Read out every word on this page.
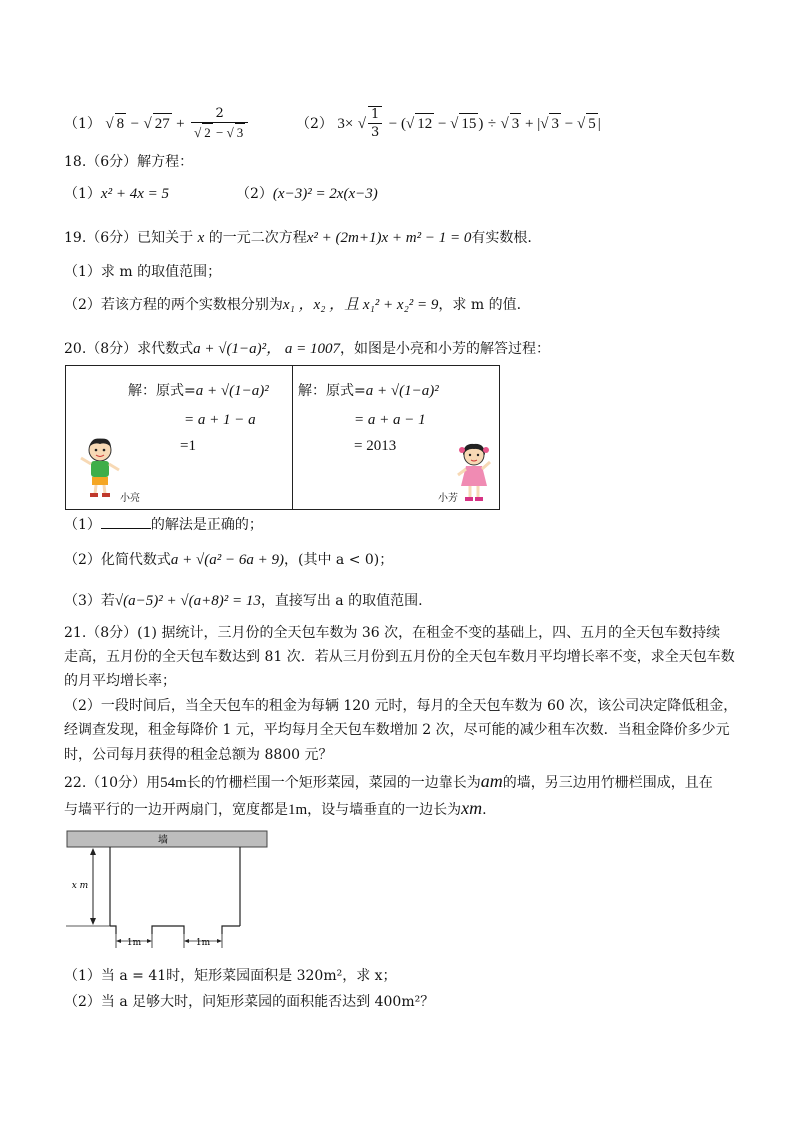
（1） √ 8 − √ $27 + \frac{2}{√ 2 - √ 3}$	（2） 3× √ $\frac{1}{3}$ − (√ 12 − √ 15 ) ÷ √ 3 + |√ 3 − √ 5 |
18.（6分）解方程：
（1）x² + 4x = 5	（2）(x−3)² = 2x(x−3)
19.（6分）已知关于 x 的一元二次方程x² + (2m+1)x + m² − 1 = 0有实数根.
（1）求 m 的取值范围；
（2）若该方程的两个实数根分别为x₁ ，x₂ ，且 x₁² + x₂² = 9，求 m 的值.
20.（8分）求代数式a + √(1−a)²， a = 1007，如图是小亮和小芳的解答过程：
解：原式=a + √(1−a)²
= a + 1 − a
=1
小亮
解：原式=a + √(1−a)²
= a + a − 1
= 2013
小芳
（1）	的解法是正确的；
（2）化简代数式a + √(a² − 6a + 9)，(其中 a < 0)；
（3）若√(a−5)² + √(a+8)² = 13，直接写出 a 的取值范围.
21.（8分）(1) 据统计，三月份的全天包车数为 36 次，在租金不变的基础上，四、五月的全天包车数持续
走高，五月份的全天包车数达到 81 次．若从三月份到五月份的全天包车数月平均增长率不变，求全天包车数
的月平均增长率；
（2）一段时间后，当全天包车的租金为每辆 120 元时，每月的全天包车数为 60 次，该公司决定降低租金，
经调查发现，租金每降价 1 元，平均每月全天包车数增加 2 次，尽可能的减少租车次数．当租金降价多少元
时，公司每月获得的租金总额为 8800 元？
22.（10分）用54m长的竹栅栏围一个矩形菜园，菜园的一边靠长为am的墙，另三边用竹栅栏围成，且在
与墙平行的一边开两扇门，宽度都是1m，设与墙垂直的一边长为xm.
墙
x m
1m	1m
（1）当 a = 41时，矩形菜园面积是 320m²，求 x；
（2）当 a 足够大时，问矩形菜园的面积能否达到 400m²？
